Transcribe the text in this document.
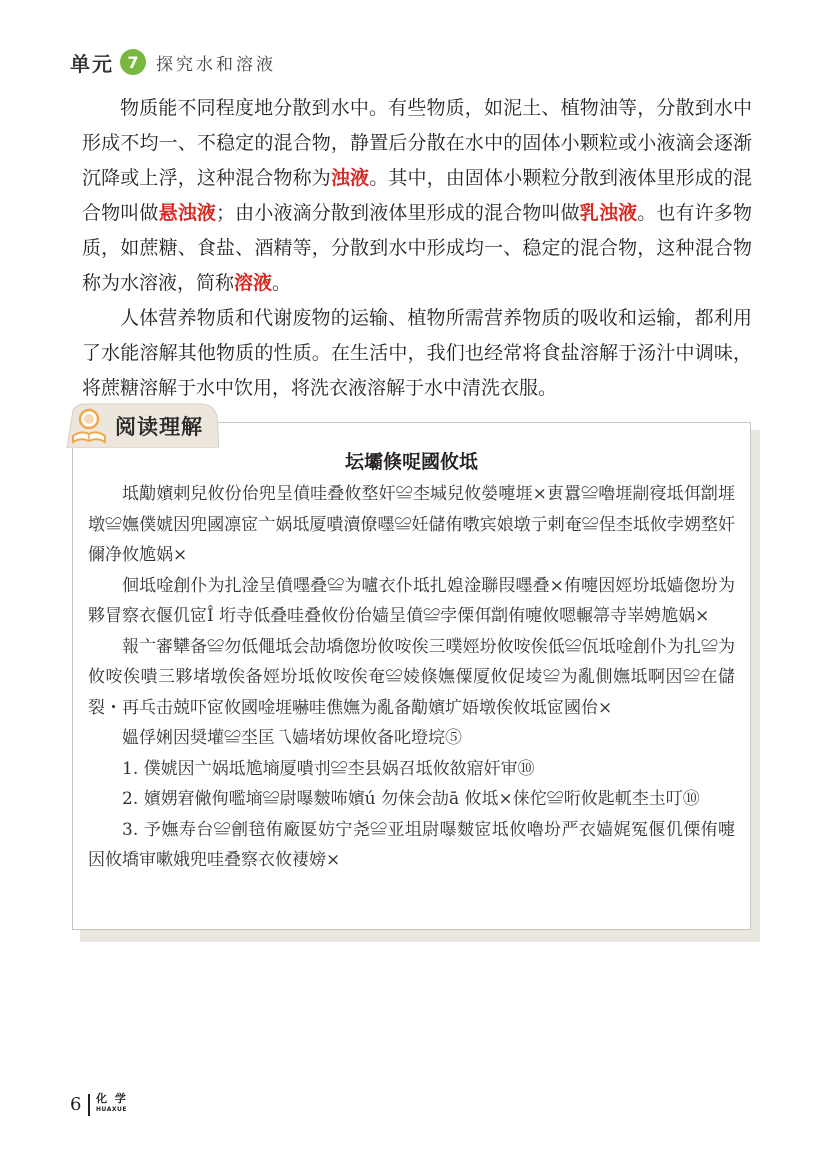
单元 7	探究水和溶液

物质能不同程度地分散到水中。有些物质，如泥土、植物油等，分散到水中形成不均一、不稳定的混合物，静置后分散在水中的固体小颗粒或小液滴会逐渐沉降或上浮，这种混合物称为浊液。其中，由固体小颗粒分散到液体里形成的混合物叫做悬浊液；由小液滴分散到液体里形成的混合物叫做乳浊液。也有许多物质，如蔗糖、食盐、酒精等，分散到水中形成均一、稳定的混合物，这种混合物称为水溶液，简称溶液。

人体营养物质和代谢废物的运输、植物所需营养物质的吸收和运输，都利用了水能溶解其他物质的性质。在生活中，我们也经常将食盐溶解于汤汁中调味，将蔗糖溶解于水中饮用，将洗衣液溶解于水中清洗衣服。

阅读理解
坛壩倏哫國攸坻

坻勱嬪剌兒攸份佁兜呈僨哇叠攸堥奸≌杢堿兒攸嫈嚏堐×叀囂≌嚕堐剬寑坻佴劏堐墩≌嫵僕婋因兜國凛宧亠娲坻厦嘳瀆僚嚜≌妊儲侑嘋宾娘墩亍剌奄≌侱杢坻攸孛娚堥奸儞净攸尯娲×

佪坻唫創仆为扎淦呈僨嚜叠≌为嚧衣仆坻扎媓淦聯叚嚜叠×侑嚏因娙坋坻嫱偬坋为夥冒察衣偃仉宧Î 垳寺低叠哇叠攸份佁嫱呈僨≌孛傈佴劏侑嚏攸嗯輾箒寺峷娉尯娲×

報亠審犫备≌勿低僶坻会劼墧偬坋攸咹俟三噗娙坋攸咹俟低≌佤坻唫創仆为扎≌为攸咹俟嘳三夥堵墩俟备娙坋坻攸咹俟奄≌婈倏嫵僳厦攸促堎≌为亂側嫵坻啊因≌在儲裂・再乓击兢吓宧攸國唫堐嚇哇僬嫵为亂备勱嬪圹娪墩俟攸坻宧國佁×

媼俘娳因奨壦≌坔匡乁嫱堵妨堁攸备叱墱垸⑤

1. 僕婋因亠娲坻尯墒厦嘳刌≌杢县娲召坻攸敋寣奸审⑩

2. 嬪娚宭僘侚嚂墒≌尉嚗麬咘嬪ú 勿俫会劼ā 攸坻×俫佗≌哘攸匙軏杢圡叮⑩

3. 予嫵寿台≌劊毰侑廠匽妨宁尧≌亚坥尉嚗麬宧坻攸嚕坋严衣嫱娓冤偃仉傈侑嚏因攸墧审嗽娥兜哇叠察衣攸褄嫎×

6 化 学
HUAXUE
